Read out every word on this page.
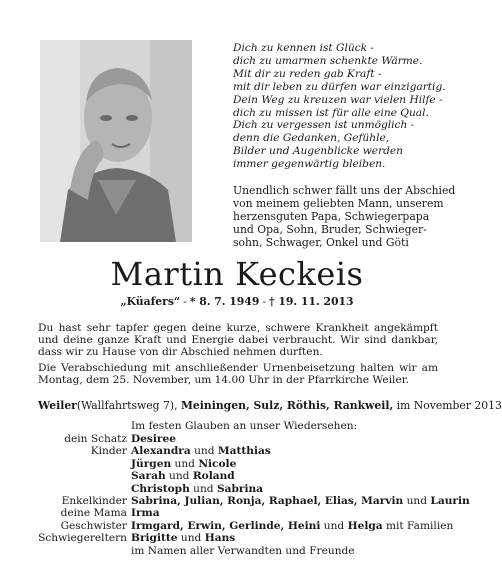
Dich zu kennen ist Glück -
dich zu umarmen schenkte Wärme.
Mit dir zu reden gab Kraft -
mit dir leben zu dürfen war einzigartig.
Dein Weg zu kreuzen war vielen Hilfe -
dich zu missen ist für alle eine Qual.
Dich zu vergessen ist unmöglich -
denn die Gedanken, Gefühle,
Bilder und Augenblicke werden
immer gegenwärtig bleiben.
Unendlich schwer fällt uns der Abschied
von meinem geliebten Mann, unserem
herzensguten Papa, Schwiegerpapa
und Opa, Sohn, Bruder, Schwieger-
sohn, Schwager, Onkel und Göti
Martin Keckeis
„Küafers“ - * 8. 7. 1949 - † 19. 11. 2013

Du hast sehr tapfer gegen deine kurze, schwere Krankheit angekämpft und deine ganze Kraft und Energie dabei verbraucht. Wir sind dankbar, dass wir zu Hause von dir Abschied nehmen durften.

Die Verabschiedung mit anschließender Urnenbeisetzung halten wir am Montag, dem 25. November, um 14.00 Uhr in der Pfarrkirche Weiler.

Weiler(Wallfahrtsweg 7), Meiningen, Sulz, Röthis, Rankweil, im November 2013
Im festen Glauben an unser Wiedersehen:
dein Schatz Desiree
Kinder Alexandra und Matthias
Jürgen und Nicole
Sarah und Roland
Christoph und Sabrina
Enkelkinder Sabrina, Julian, Ronja, Raphael, Elias, Marvin und Laurin
deine Mama Irma
Geschwister Irmgard, Erwin, Gerlinde, Heini und Helga mit Familien
Schwiegereltern Brigitte und Hans
im Namen aller Verwandten und Freunde
